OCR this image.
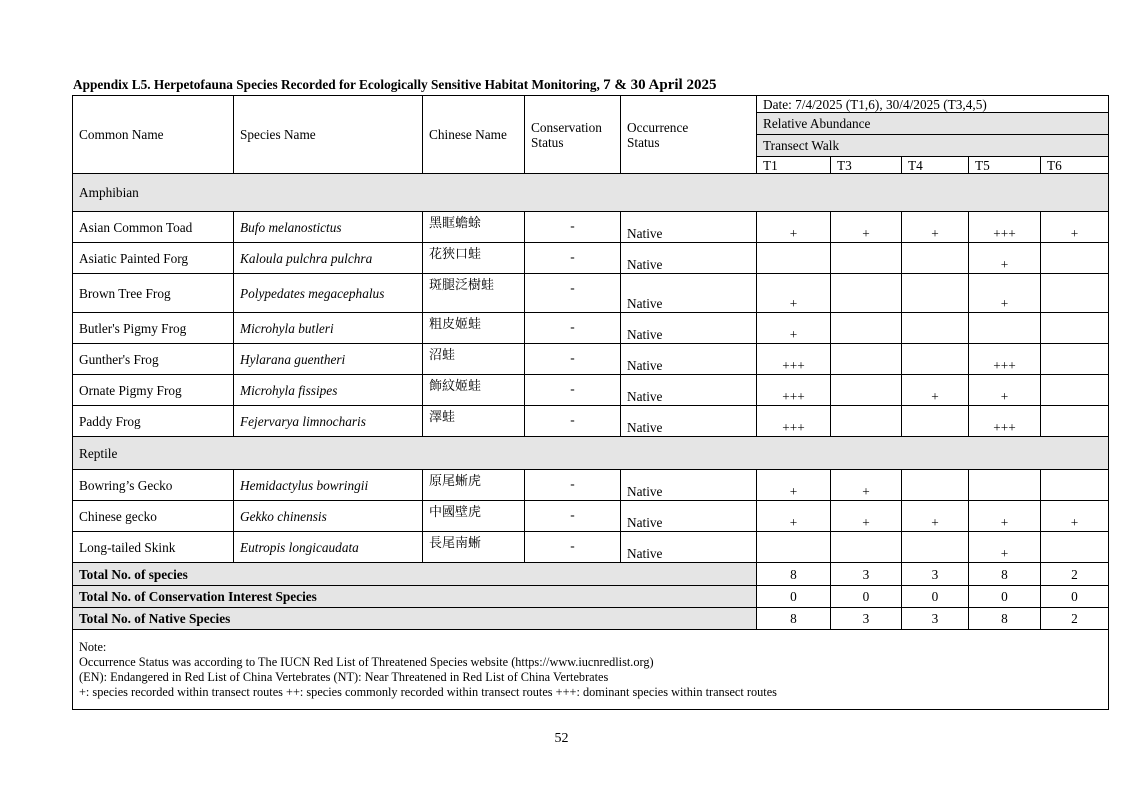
Appendix L5. Herpetofauna Species Recorded for Ecologically Sensitive Habitat Monitoring, 7 & 30 April 2025
Common Name	Species Name	Chinese Name	Conservation Status	Occurrence Status	Date: 7/4/2025 (T1,6), 30/4/2025 (T3,4,5)				
					Relative Abundance				
					Transect Walk				
					T1	T3	T4	T5	T6
Amphibian									
Asian Common Toad	Bufo melanostictus	黑眶蟾蜍	-	Native	+	+	+	+++	+
Asiatic Painted Forg	Kaloula pulchra pulchra	花狹口蛙	-	Native				+	
Brown Tree Frog	Polypedates megacephalus	斑腿泛樹蛙	-	Native	+			+	
Butler's Pigmy Frog	Microhyla butleri	粗皮姬蛙	-	Native	+				
Gunther's Frog	Hylarana guentheri	沼蛙	-	Native	+++			+++	
Ornate Pigmy Frog	Microhyla fissipes	飾紋姬蛙	-	Native	+++		+	+	
Paddy Frog	Fejervarya limnocharis	澤蛙	-	Native	+++			+++	
Reptile									
Bowring’s Gecko	Hemidactylus bowringii	原尾蜥虎	-	Native	+	+			
Chinese gecko	Gekko chinensis	中國壁虎	-	Native	+	+	+	+	+
Long-tailed Skink	Eutropis longicaudata	長尾南蜥	-	Native				+	
Total No. of species					8	3	3	8	2
Total No. of Conservation Interest Species					0	0	0	0	0
Total No. of Native Species					8	3	3	8	2

Note:
Occurrence Status was according to The IUCN Red List of Threatened Species website (https://www.iucnredlist.org)
(EN): Endangered in Red List of China Vertebrates (NT): Near Threatened in Red List of China Vertebrates
+: species recorded within transect routes ++: species commonly recorded within transect routes +++: dominant species within transect routes									
52
